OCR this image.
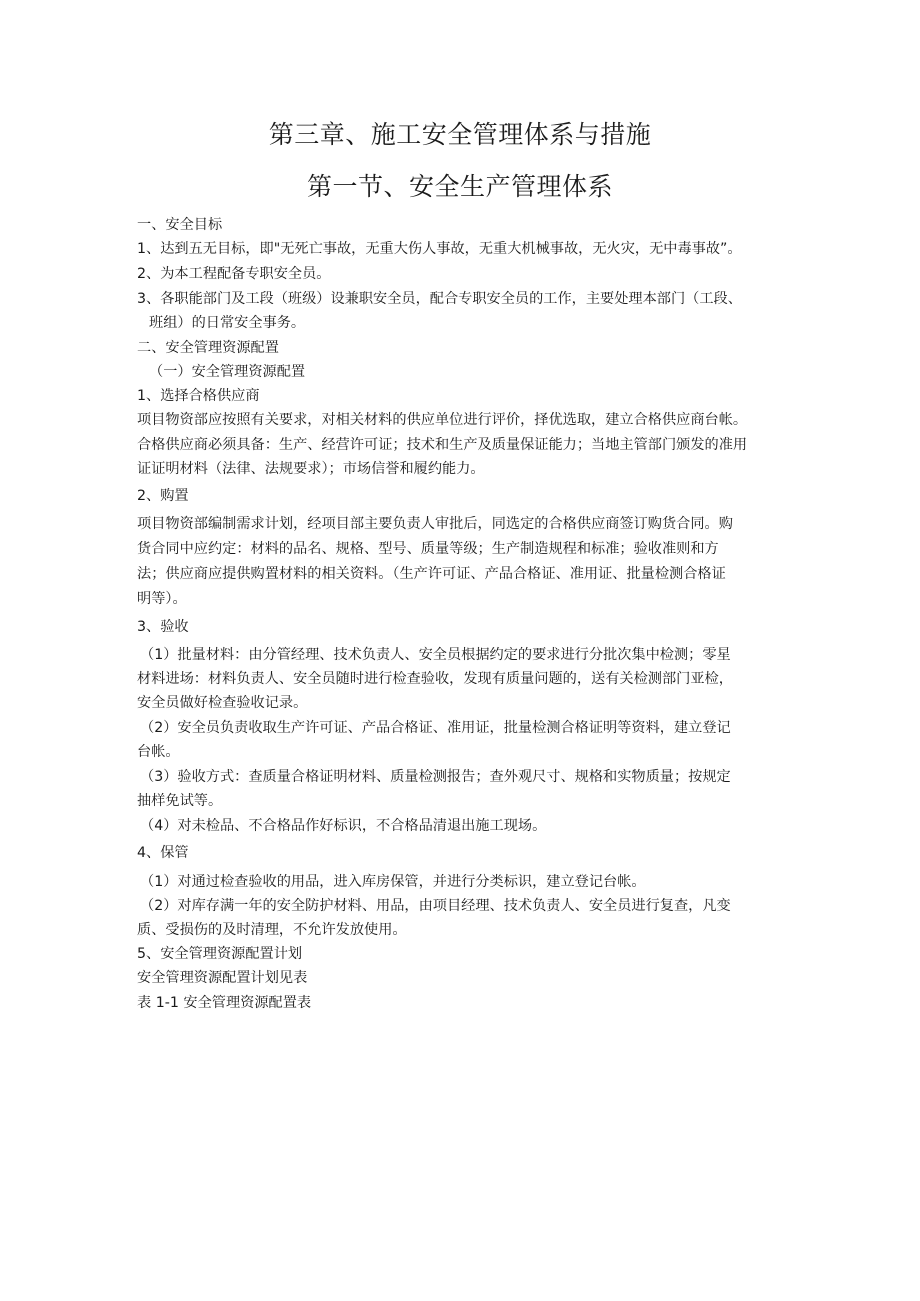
第三章、施工安全管理体系与措施
第一节、安全生产管理体系
一、安全目标
1、达到五无目标，即"无死亡事故，无重大伤人事故，无重大机械事故，无火灾，无中毒事故”。
2、为本工程配备专职安全员。
3、各职能部门及工段（班级）设兼职安全员，配合专职安全员的工作，主要处理本部门（工段、
班组）的日常安全事务。
二、安全管理资源配置
（一）安全管理资源配置
1、选择合格供应商
项目物资部应按照有关要求，对相关材料的供应单位进行评价，择优选取，建立合格供应商台帐。
合格供应商必须具备：生产、经营许可证；技术和生产及质量保证能力；当地主管部门颁发的准用
证证明材料（法律、法规要求）；市场信誉和履约能力。
2、购置
项目物资部编制需求计划，经项目部主要负责人审批后，同选定的合格供应商签订购货合同。购
货合同中应约定：材料的品名、规格、型号、质量等级；生产制造规程和标准；验收准则和方
法；供应商应提供购置材料的相关资料。（生产许可证、产品合格证、准用证、批量检测合格证
明等）。
3、验收
（1）批量材料：由分管经理、技术负责人、安全员根据约定的要求进行分批次集中检测；零星
材料进场：材料负责人、安全员随时进行检查验收，发现有质量问题的，送有关检测部门亚检，
安全员做好检查验收记录。
（2）安全员负责收取生产许可证、产品合格证、准用证，批量检测合格证明等资料，建立登记
台帐。
（3）验收方式：查质量合格证明材料、质量检测报告；查外观尺寸、规格和实物质量；按规定
抽样免试等。
（4）对未检品、不合格品作好标识，不合格品清退出施工现场。
4、保管
（1）对通过检查验收的用品，进入库房保管，并进行分类标识，建立登记台帐。
（2）对库存满一年的安全防护材料、用品，由项目经理、技术负责人、安全员进行复查，凡变
质、受损伤的及时清理，不允许发放使用。
5、安全管理资源配置计划
安全管理资源配置计划见表
表 1-1 安全管理资源配置表
